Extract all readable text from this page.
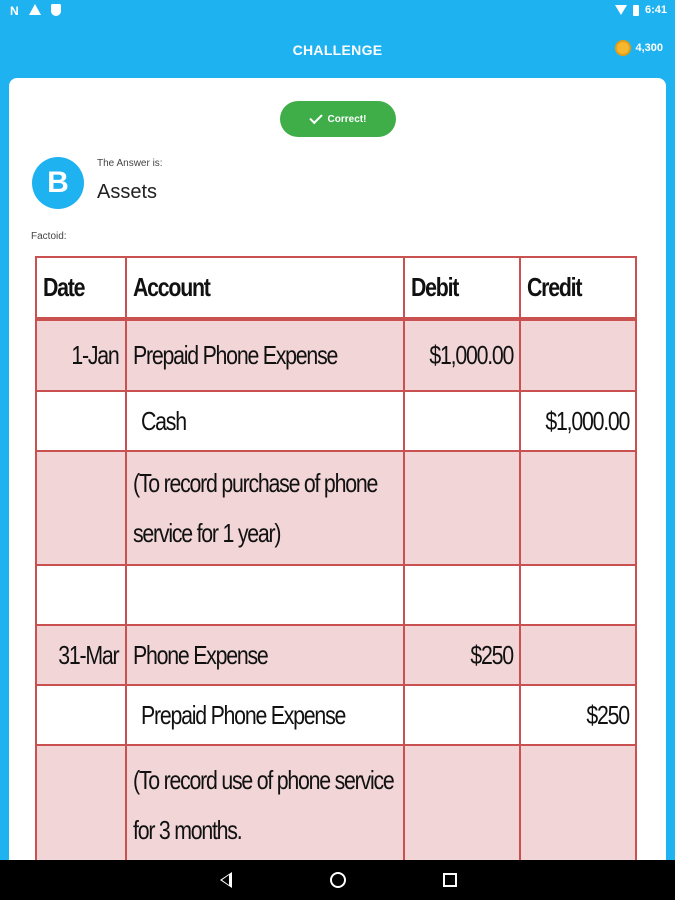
N	6:41
CHALLENGE	4,300
Correct!
B
The Answer is:
Assets
Factoid:
Date	Account	Debit	Credit
1-Jan	Prepaid Phone Expense	$1,000.00	
	Cash		$1,000.00

	(To record purchase of phone service for 1 year)		

31-Mar	Phone Expense	$250	
	Prepaid Phone Expense		$250

	(To record use of phone service for 3 months.		
